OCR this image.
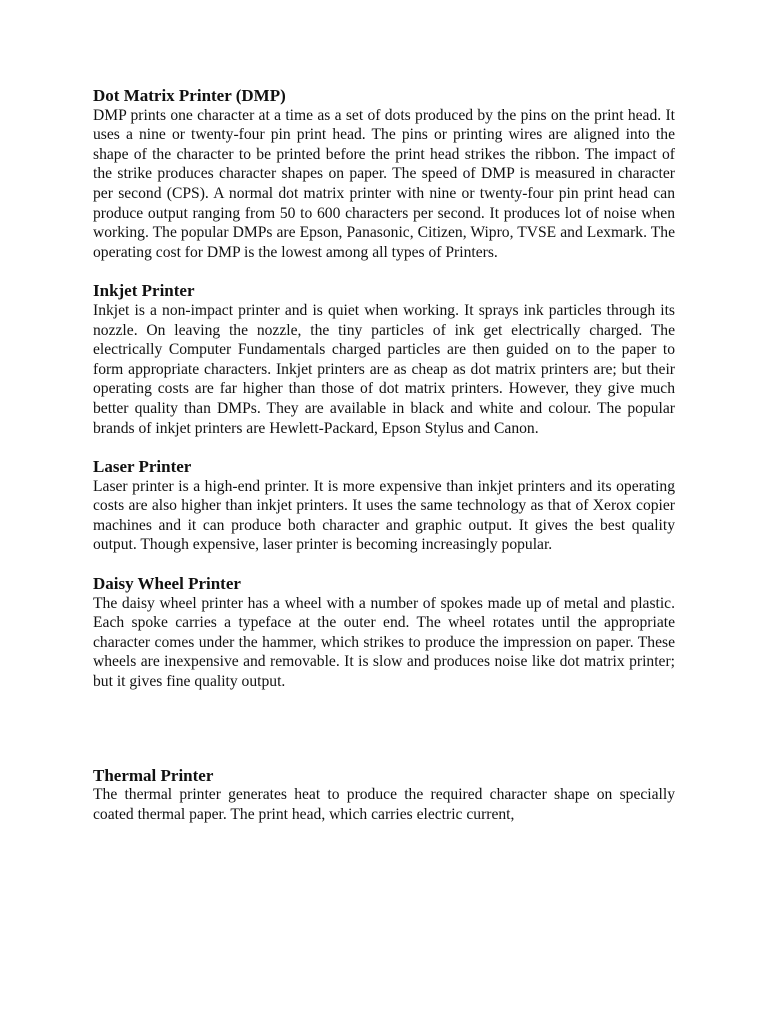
Dot Matrix Printer (DMP)

DMP prints one character at a time as a set of dots produced by the pins on the print head. It uses a nine or twenty-four pin print head. The pins or printing wires are aligned into the shape of the character to be printed before the print head strikes the ribbon. The impact of the strike produces character shapes on paper. The speed of DMP is measured in character per second (CPS). A normal dot matrix printer with nine or twenty-four pin print head can produce output ranging from 50 to 600 characters per second. It produces lot of noise when working. The popular DMPs are Epson, Panasonic, Citizen, Wipro, TVSE and Lexmark. The operating cost for DMP is the lowest among all types of Printers.

Inkjet Printer

Inkjet is a non-impact printer and is quiet when working. It sprays ink particles through its nozzle. On leaving the nozzle, the tiny particles of ink get electrically charged. The electrically Computer Fundamentals charged particles are then guided on to the paper to form appropriate characters. Inkjet printers are as cheap as dot matrix printers are; but their operating costs are far higher than those of dot matrix printers. However, they give much better quality than DMPs. They are available in black and white and colour. The popular brands of inkjet printers are Hewlett-Packard, Epson Stylus and Canon.

Laser Printer

Laser printer is a high-end printer. It is more expensive than inkjet printers and its operating costs are also higher than inkjet printers. It uses the same technology as that of Xerox copier machines and it can produce both character and graphic output. It gives the best quality output. Though expensive, laser printer is becoming increasingly popular.

Daisy Wheel Printer

The daisy wheel printer has a wheel with a number of spokes made up of metal and plastic. Each spoke carries a typeface at the outer end. The wheel rotates until the appropriate character comes under the hammer, which strikes to produce the impression on paper. These wheels are inexpensive and removable. It is slow and produces noise like dot matrix printer; but it gives fine quality output.

Thermal Printer

The thermal printer generates heat to produce the required character shape on specially coated thermal paper. The print head, which carries electric current,
